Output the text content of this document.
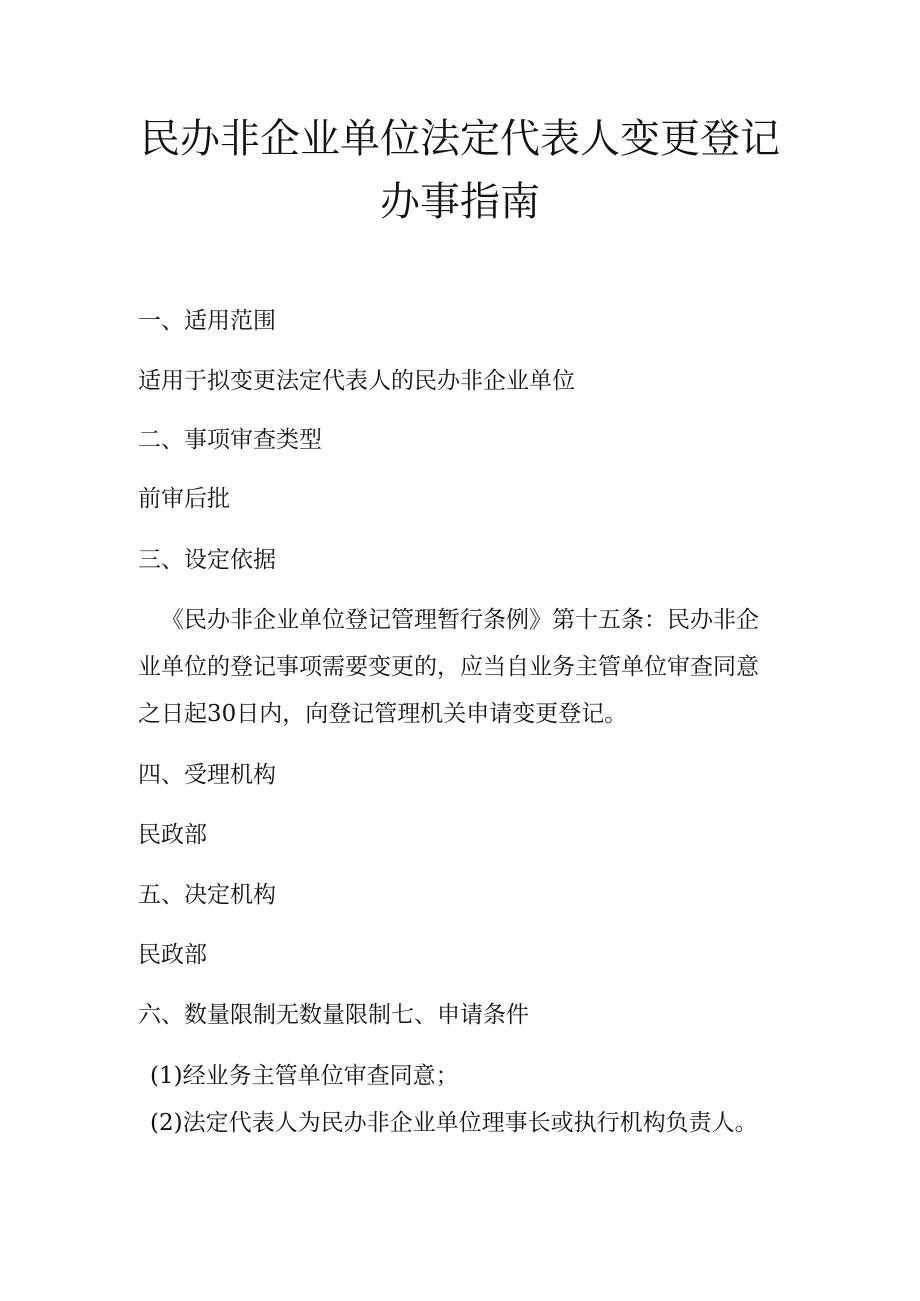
民办非企业单位法定代表人变更登记
办事指南

一、适用范围

适用于拟变更法定代表人的民办非企业单位

二、事项审查类型

前审后批

三、设定依据

《民办非企业单位登记管理暂行条例》第十五条：民办非企业单位的登记事项需要变更的，应当自业务主管单位审查同意之日起30日内，向登记管理机关申请变更登记。

四、受理机构

民政部

五、决定机构

民政部

六、数量限制无数量限制七、申请条件

(1)经业务主管单位审查同意；

(2)法定代表人为民办非企业单位理事长或执行机构负责人。
